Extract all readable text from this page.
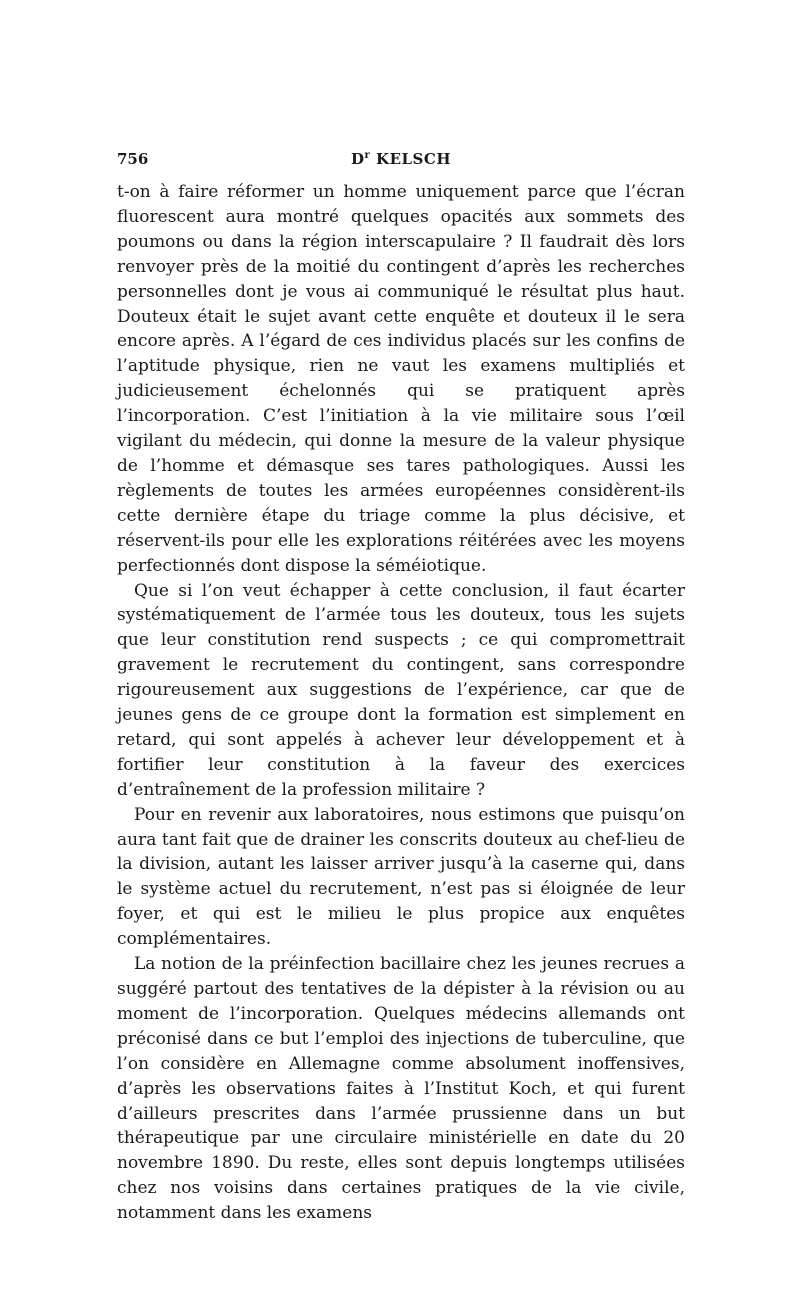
756	$D^r$ KELSCH

t-on à faire réformer un homme uniquement parce que l’écran fluorescent aura montré quelques opacités aux sommets des poumons ou dans la région interscapulaire ? Il faudrait dès lors renvoyer près de la moitié du contingent d’après les recherches personnelles dont je vous ai communiqué le résultat plus haut. Douteux était le sujet avant cette enquête et douteux il le sera encore après. A l’égard de ces individus placés sur les confins de l’aptitude physique, rien ne vaut les examens multipliés et judicieusement échelonnés qui se pratiquent après l’incorporation. C’est l’initiation à la vie militaire sous l’œil vigilant du médecin, qui donne la mesure de la valeur physique de l’homme et démasque ses tares pathologiques. Aussi les règlements de toutes les armées européennes considèrent-ils cette dernière étape du triage comme la plus décisive, et réservent-ils pour elle les explorations réitérées avec les moyens perfectionnés dont dispose la séméiotique.

Que si l’on veut échapper à cette conclusion, il faut écarter systématiquement de l’armée tous les douteux, tous les sujets que leur constitution rend suspects ; ce qui compromettrait gravement le recrutement du contingent, sans correspondre rigoureusement aux suggestions de l’expérience, car que de jeunes gens de ce groupe dont la formation est simplement en retard, qui sont appelés à achever leur développement et à fortifier leur constitution à la faveur des exercices d’entraînement de la profession militaire ?

Pour en revenir aux laboratoires, nous estimons que puisqu’on aura tant fait que de drainer les conscrits douteux au chef-lieu de la division, autant les laisser arriver jusqu’à la caserne qui, dans le système actuel du recrutement, n’est pas si éloignée de leur foyer, et qui est le milieu le plus propice aux enquêtes complémentaires.

La notion de la préinfection bacillaire chez les jeunes recrues a suggéré partout des tentatives de la dépister à la révision ou au moment de l’incorporation. Quelques médecins allemands ont préconisé dans ce but l’emploi des injections de tuberculine, que l’on considère en Allemagne comme absolument inoffensives, d’après les observations faites à l’Institut Koch, et qui furent d’ailleurs prescrites dans l’armée prussienne dans un but thérapeutique par une circulaire ministérielle en date du 20 novembre 1890. Du reste, elles sont depuis longtemps utilisées chez nos voisins dans certaines pratiques de la vie civile, notamment dans les examens
